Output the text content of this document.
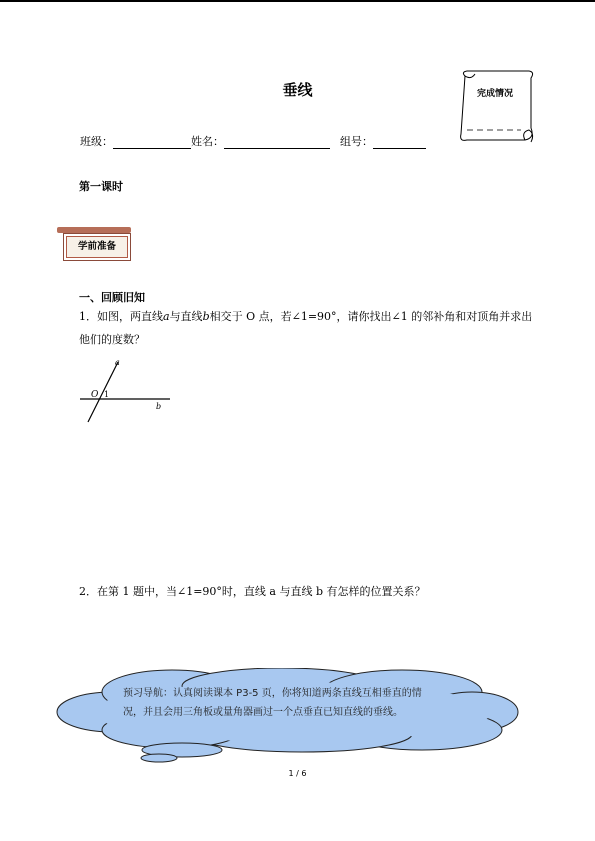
垂线	完成情况
班级：	姓名：	组号：
第一课时
学前准备
一、回顾旧知
1．如图，两直线a与直线b相交于 O 点，若∠1=90°，请你找出∠1 的邻补角和对顶角并求出他们的度数？
a
O 1
b
2．在第 1 题中，当∠1=90°时，直线 a 与直线 b 有怎样的位置关系？
预习导航：认真阅读课本 P3-5 页，你将知道两条直线互相垂直的情况，并且会用三角板或量角器画过一个点垂直已知直线的垂线。
1 / 6
